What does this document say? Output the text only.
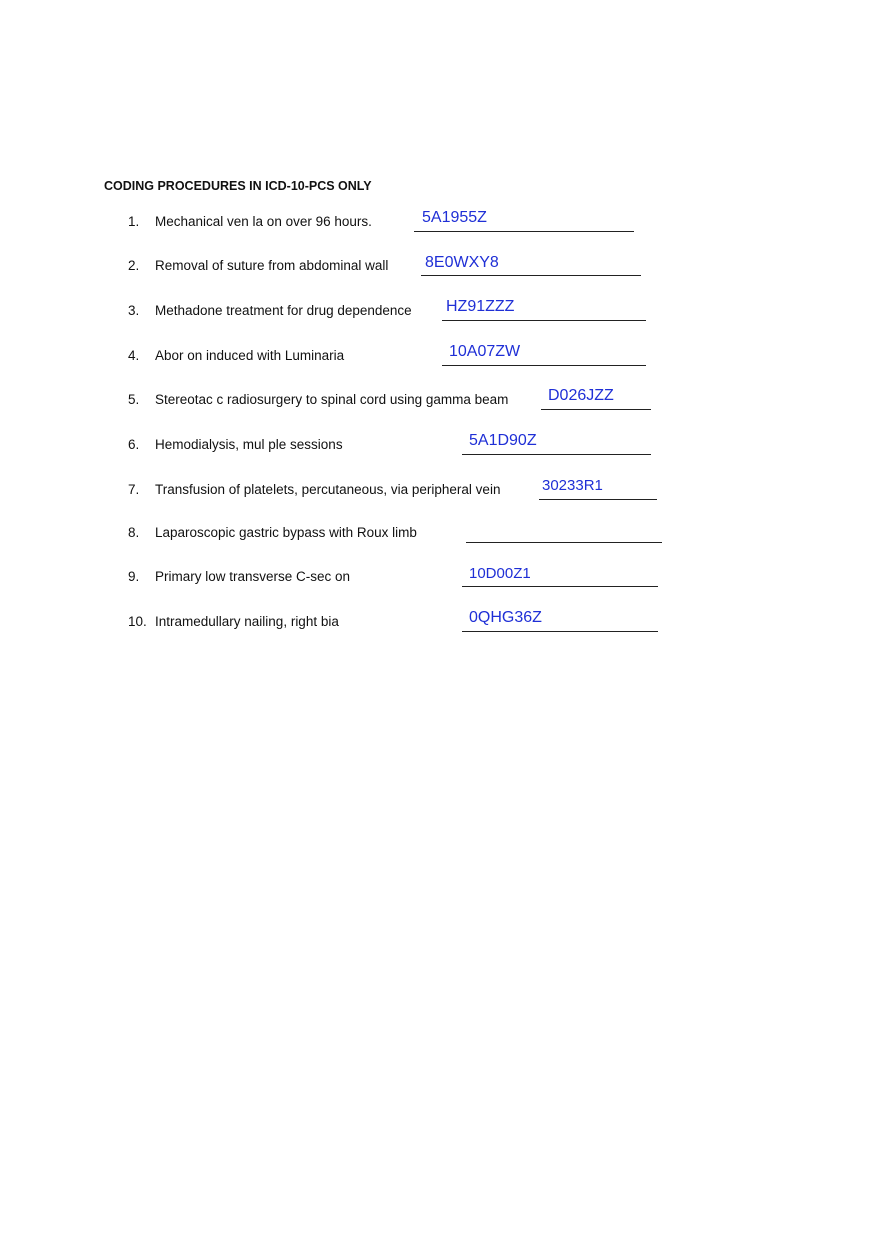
CODING PROCEDURES IN ICD-10-PCS ONLY
1. Mechanical ven la on over 96 hours.	5A1955Z
2. Removal of suture from abdominal wall 8E0WXY8
3. Methadone treatment for drug dependence HZ91ZZZ
4. Abor on induced with Luminaria	10A07ZW
5. Stereotac c radiosurgery to spinal cord using gamma beam D026JZZ
6. Hemodialysis, mul ple sessions	5A1D90Z
7. Transfusion of platelets, percutaneous, via peripheral vein	30233R1
8. Laparoscopic gastric bypass with Roux limb
9. Primary low transverse C-sec on	10D00Z1
10. Intramedullary nailing, right bia	0QHG36Z
